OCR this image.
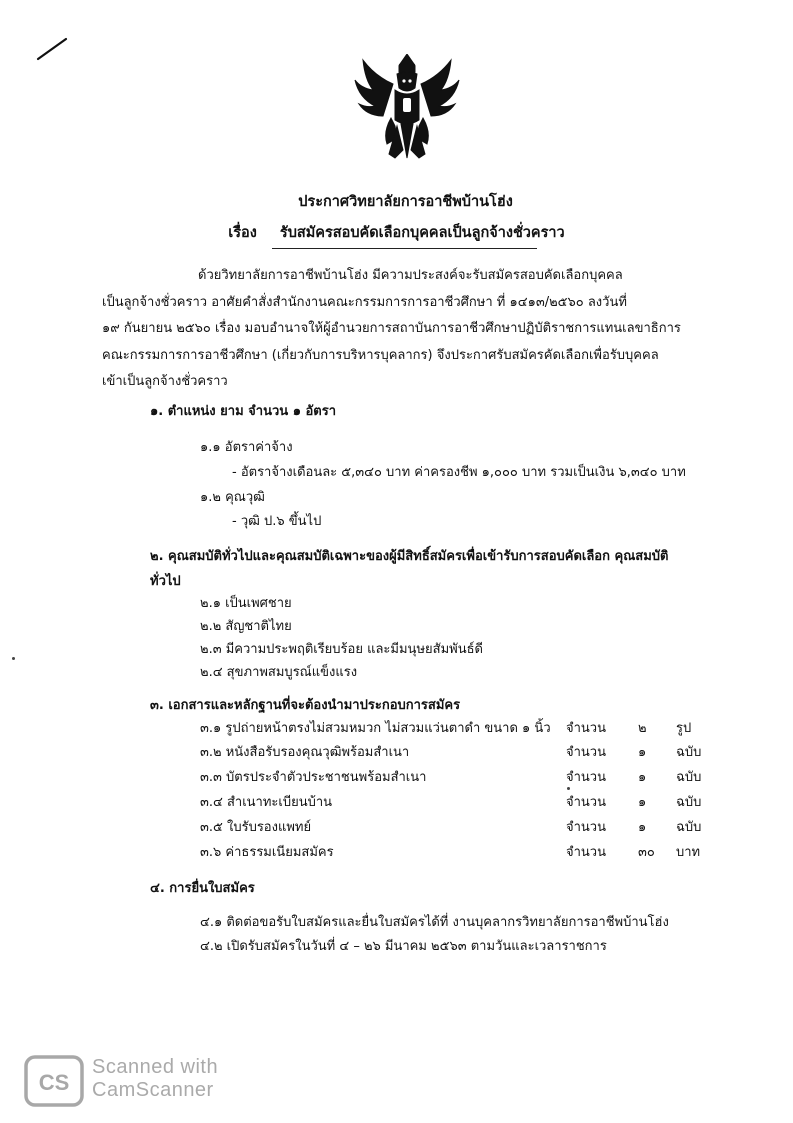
ประกาศวิทยาลัยการอาชีพบ้านโฮ่ง
เรื่อง รับสมัครสอบคัดเลือกบุคคลเป็นลูกจ้างชั่วคราว
ด้วยวิทยาลัยการอาชีพบ้านโฮ่ง มีความประสงค์จะรับสมัครสอบคัดเลือกบุคคล
เป็นลูกจ้างชั่วคราว อาศัยคำสั่งสำนักงานคณะกรรมการการอาชีวศึกษา ที่ ๑๔๑๓/๒๕๖๐ ลงวันที่
๑๙ กันยายน ๒๕๖๐ เรื่อง มอบอำนาจให้ผู้อำนวยการสถาบันการอาชีวศึกษาปฏิบัติราชการแทนเลขาธิการ
คณะกรรมการการอาชีวศึกษา (เกี่ยวกับการบริหารบุคลากร) จึงประกาศรับสมัครคัดเลือกเพื่อรับบุคคล
เข้าเป็นลูกจ้างชั่วคราว
๑. ตำแหน่ง ยาม จำนวน ๑ อัตรา
๑.๑ อัตราค่าจ้าง
- อัตราจ้างเดือนละ ๕,๓๔๐ บาท ค่าครองชีพ ๑,๐๐๐ บาท รวมเป็นเงิน ๖,๓๔๐ บาท
๑.๒ คุณวุฒิ
- วุฒิ ป.๖ ขึ้นไป
๒. คุณสมบัติทั่วไปและคุณสมบัติเฉพาะของผู้มีสิทธิ์สมัครเพื่อเข้ารับการสอบคัดเลือก คุณสมบัติ
ทั่วไป
๒.๑ เป็นเพศชาย
๒.๒ สัญชาติไทย
๒.๓ มีความประพฤติเรียบร้อย และมีมนุษยสัมพันธ์ดี
๒.๔ สุขภาพสมบูรณ์แข็งแรง
๓. เอกสารและหลักฐานที่จะต้องนำมาประกอบการสมัคร
๓.๑ รูปถ่ายหน้าตรงไม่สวมหมวก ไม่สวมแว่นตาดำ ขนาด ๑ นิ้ว จำนวน ๒ รูป
๓.๒ หนังสือรับรองคุณวุฒิพร้อมสำเนา	จำนวน ๑ ฉบับ
๓.๓ บัตรประจำตัวประชาชนพร้อมสำเนา	จำนวน ๑ ฉบับ
๓.๔ สำเนาทะเบียนบ้าน	จำนวน ๑ ฉบับ
๓.๕ ใบรับรองแพทย์	จำนวน ๑ ฉบับ
๓.๖ ค่าธรรมเนียมสมัคร	จำนวน ๓๐ บาท
๔. การยื่นใบสมัคร
๔.๑ ติดต่อขอรับใบสมัครและยื่นใบสมัครได้ที่ งานบุคลากรวิทยาลัยการอาชีพบ้านโฮ่ง
๔.๒ เปิดรับสมัครในวันที่ ๔ – ๒๖ มีนาคม ๒๕๖๓ ตามวันและเวลาราชการ
CS
Scanned with
CamScanner
